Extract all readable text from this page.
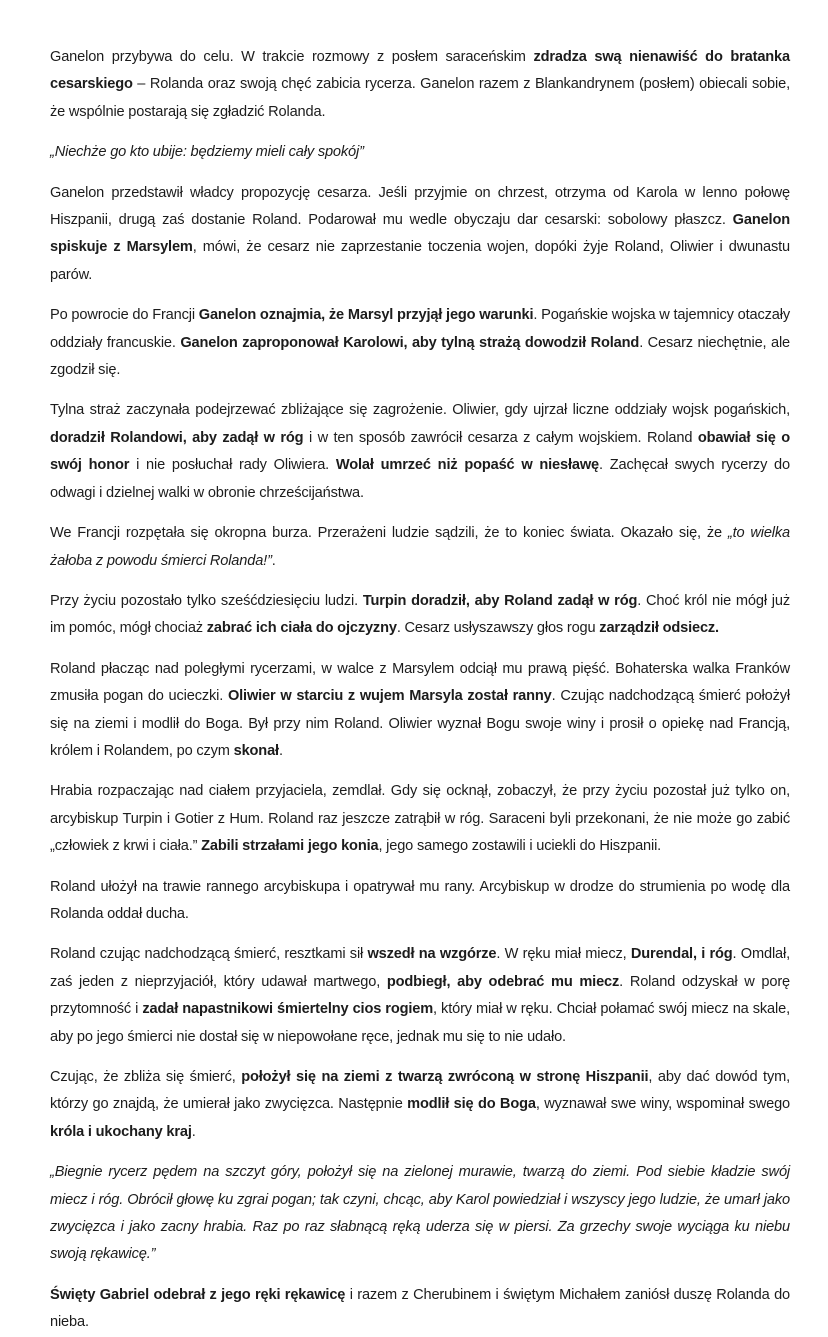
Ganelon przybywa do celu. W trakcie rozmowy z posłem saraceńskim zdradza swą nienawiść do bratanka cesarskiego – Rolanda oraz swoją chęć zabicia rycerza. Ganelon razem z Blankandrynem (posłem) obiecali sobie, że wspólnie postarają się zgładzić Rolanda.

„Niechże go kto ubije: będziemy mieli cały spokój”

Ganelon przedstawił władcy propozycję cesarza. Jeśli przyjmie on chrzest, otrzyma od Karola w lenno połowę Hiszpanii, drugą zaś dostanie Roland. Podarował mu wedle obyczaju dar cesarski: sobolowy płaszcz. Ganelon spiskuje z Marsylem, mówi, że cesarz nie zaprzestanie toczenia wojen, dopóki żyje Roland, Oliwier i dwunastu parów.

Po powrocie do Francji Ganelon oznajmia, że Marsyl przyjął jego warunki. Pogańskie wojska w tajemnicy otaczały oddziały francuskie. Ganelon zaproponował Karolowi, aby tylną strażą dowodził Roland. Cesarz niechętnie, ale zgodził się.

Tylna straż zaczynała podejrzewać zbliżające się zagrożenie. Oliwier, gdy ujrzał liczne oddziały wojsk pogańskich, doradził Rolandowi, aby zadął w róg i w ten sposób zawrócił cesarza z całym wojskiem. Roland obawiał się o swój honor i nie posłuchał rady Oliwiera. Wolał umrzeć niż popaść w niesławę. Zachęcał swych rycerzy do odwagi i dzielnej walki w obronie chrześcijaństwa.

We Francji rozpętała się okropna burza. Przerażeni ludzie sądzili, że to koniec świata. Okazało się, że „to wielka żałoba z powodu śmierci Rolanda!”.

Przy życiu pozostało tylko sześćdziesięciu ludzi. Turpin doradził, aby Roland zadął w róg. Choć król nie mógł już im pomóc, mógł chociaż zabrać ich ciała do ojczyzny. Cesarz usłyszawszy głos rogu zarządził odsiecz.

Roland płacząc nad poległymi rycerzami, w walce z Marsylem odciął mu prawą pięść. Bohaterska walka Franków zmusiła pogan do ucieczki. Oliwier w starciu z wujem Marsyla został ranny. Czując nadchodzącą śmierć położył się na ziemi i modlił do Boga. Był przy nim Roland. Oliwier wyznał Bogu swoje winy i prosił o opiekę nad Francją, królem i Rolandem, po czym skonał.

Hrabia rozpaczając nad ciałem przyjaciela, zemdlał. Gdy się ocknął, zobaczył, że przy życiu pozostał już tylko on, arcybiskup Turpin i Gotier z Hum. Roland raz jeszcze zatrąbił w róg. Saraceni byli przekonani, że nie może go zabić „człowiek z krwi i ciała.” Zabili strzałami jego konia, jego samego zostawili i uciekli do Hiszpanii.

Roland ułożył na trawie rannego arcybiskupa i opatrywał mu rany. Arcybiskup w drodze do strumienia po wodę dla Rolanda oddał ducha.

Roland czując nadchodzącą śmierć, resztkami sił wszedł na wzgórze. W ręku miał miecz, Durendal, i róg. Omdlał, zaś jeden z nieprzyjaciół, który udawał martwego, podbiegł, aby odebrać mu miecz. Roland odzyskał w porę przytomność i zadał napastnikowi śmiertelny cios rogiem, który miał w ręku. Chciał połamać swój miecz na skale, aby po jego śmierci nie dostał się w niepowołane ręce, jednak mu się to nie udało.

Czując, że zbliża się śmierć, położył się na ziemi z twarzą zwróconą w stronę Hiszpanii, aby dać dowód tym, którzy go znajdą, że umierał jako zwycięzca. Następnie modlił się do Boga, wyznawał swe winy, wspominał swego króla i ukochany kraj.

„Biegnie rycerz pędem na szczyt góry, położył się na zielonej murawie, twarzą do ziemi. Pod siebie kładzie swój miecz i róg. Obrócił głowę ku zgrai pogan; tak czyni, chcąc, aby Karol powiedział i wszyscy jego ludzie, że umarł jako zwycięzca i jako zacny hrabia. Raz po raz słabnącą ręką uderza się w piersi. Za grzechy swoje wyciąga ku niebu swoją rękawicę.”

Święty Gabriel odebrał z jego ręki rękawicę i razem z Cherubinem i świętym Michałem zaniósł duszę Rolanda do nieba.
